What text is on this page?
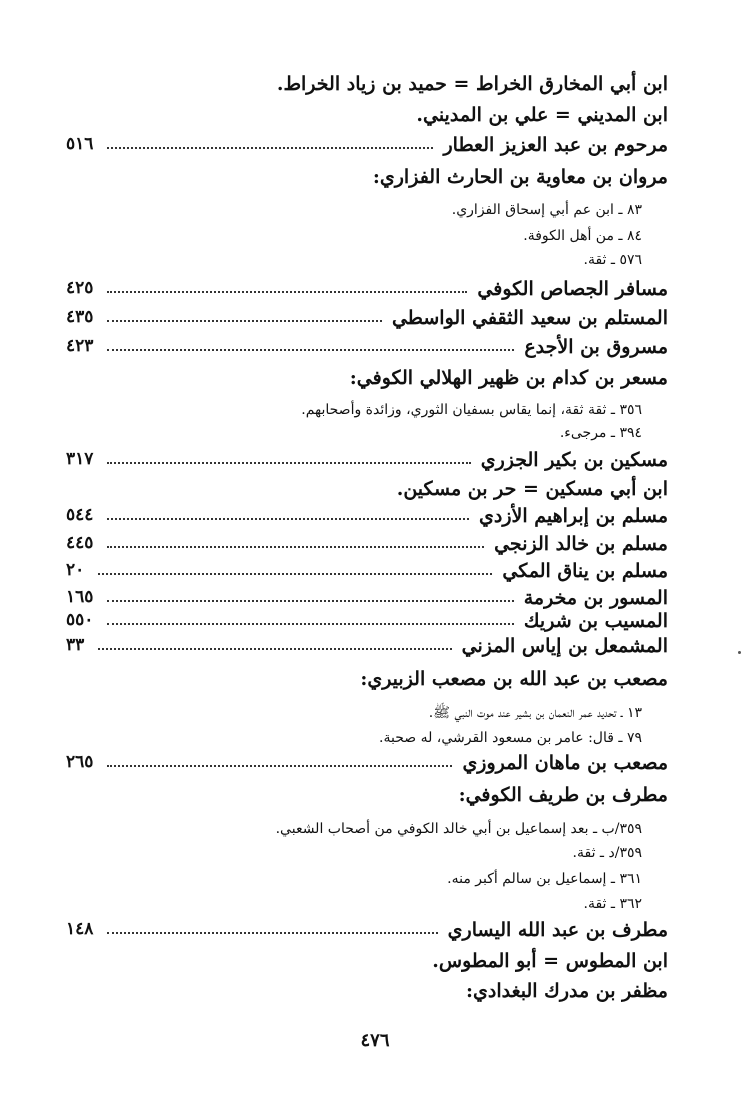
ابن أبي المخارق الخراط = حميد بن زياد الخراط.
ابن المديني = علي بن المديني.
مرحوم بن عبد العزيز العطار
٥١٦
مروان بن معاوية بن الحارث الفزاري:
٨٣ ـ ابن عم أبي إسحاق الفزاري.
٨٤ ـ من أهل الكوفة.
٥٧٦ ـ ثقة.
مسافر الجصاص الكوفي
٤٢٥
المستلم بن سعيد الثقفي الواسطي
٤٣٥
مسروق بن الأجدع
٤٢٣
مسعر بن كدام بن ظهير الهلالي الكوفي:
٣٥٦ ـ ثقة ثقة، إنما يقاس بسفيان الثوري، وزائدة وأصحابهم.
٣٩٤ ـ مرجىء.
مسكين بن بكير الجزري
٣١٧
ابن أبي مسكين = حر بن مسكين.
مسلم بن إبراهيم الأزدي
٥٤٤
مسلم بن خالد الزنجي
٤٤٥
مسلم بن يناق المكي
٢٠
المسور بن مخرمة
١٦٥
المسيب بن شريك
٥٥٠
المشمعل بن إياس المزني
٣٣
مصعب بن عبد الله بن مصعب الزبيري:
١٣ ـ تحديد عمر النعمان بن بشير عند موت النبي ﷺ.
٧٩ ـ قال: عامر بن مسعود القرشي، له صحبة.
مصعب بن ماهان المروزي
٢٦٥
مطرف بن طريف الكوفي:
٣٥٩/ب ـ بعد إسماعيل بن أبي خالد الكوفي من أصحاب الشعبي.
٣٥٩/د ـ ثقة.
٣٦١ ـ إسماعيل بن سالم أكبر منه.
٣٦٢ ـ ثقة.
مطرف بن عبد الله اليساري
١٤٨
ابن المطوس = أبو المطوس.
مظفر بن مدرك البغدادي:
٤٧٦
